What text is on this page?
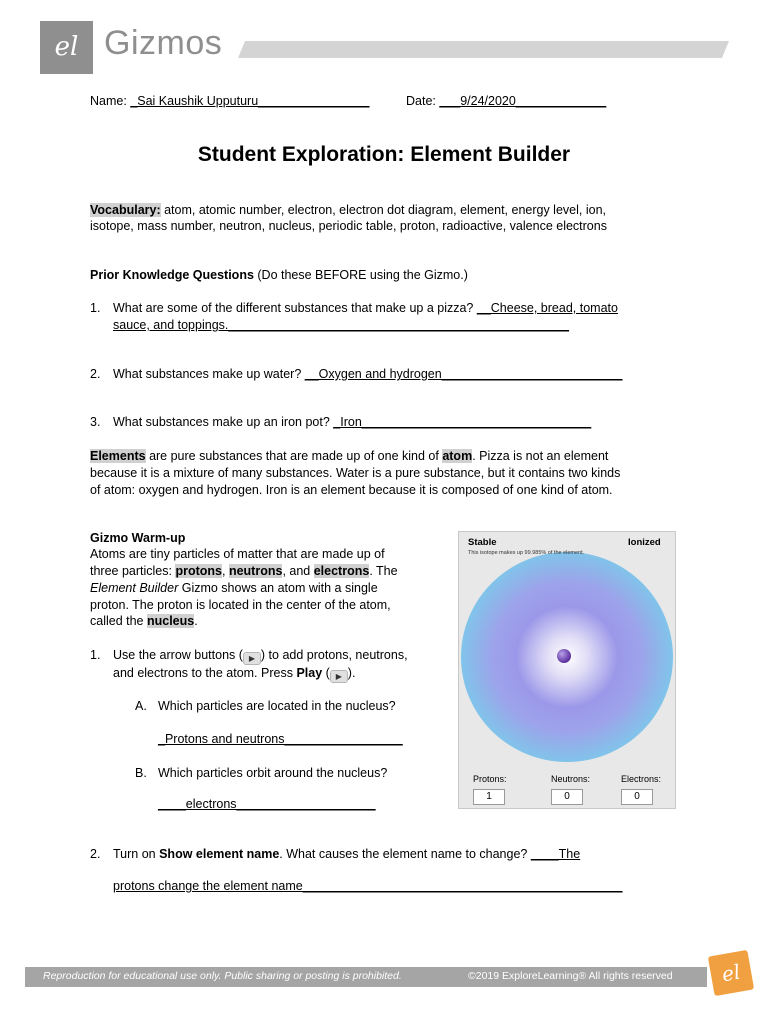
el Gizmos
Name: _Sai Kaushik Upputuru________________	Date: ___9/24/2020_____________
Student Exploration: Element Builder

Vocabulary: atom, atomic number, electron, electron dot diagram, element, energy level, ion,

isotope, mass number, neutron, nucleus, periodic table, proton, radioactive, valence electrons

Prior Knowledge Questions (Do these BEFORE using the Gizmo.)

1. What are some of the different substances that make up a pizza? __Cheese, bread, tomato

sauce, and toppings._________________________________________________

2. What substances make up water? __Oxygen and hydrogen__________________________

3. What substances make up an iron pot? _Iron_________________________________

Elements are pure substances that are made up of one kind of atom. Pizza is not an element

because it is a mixture of many substances. Water is a pure substance, but it contains two kinds

of atom: oxygen and hydrogen. Iron is an element because it is composed of one kind of atom.

Gizmo Warm-up

Atoms are tiny particles of matter that are made up of

three particles: protons, neutrons, and electrons. The

Element Builder Gizmo shows an atom with a single

proton. The proton is located in the center of the atom,

called the nucleus.

1. Use the arrow buttons ( ▶ ) to add protons, neutrons,

and electrons to the atom. Press Play ( ▶ ).

A. Which particles are located in the nucleus?

_Protons and neutrons_________________

B. Which particles orbit around the nucleus?

____electrons____________________

Stable	Ionized
This isotope makes up 99.985% of the element.
Protons:	Neutrons:	Electrons:
1	0	0

2. Turn on Show element name. What causes the element name to change? ____The

protons change the element name______________________________________________

Reproduction for educational use only. Public sharing or posting is prohibited.	©2019 ExploreLearning® All rights reserved	el
